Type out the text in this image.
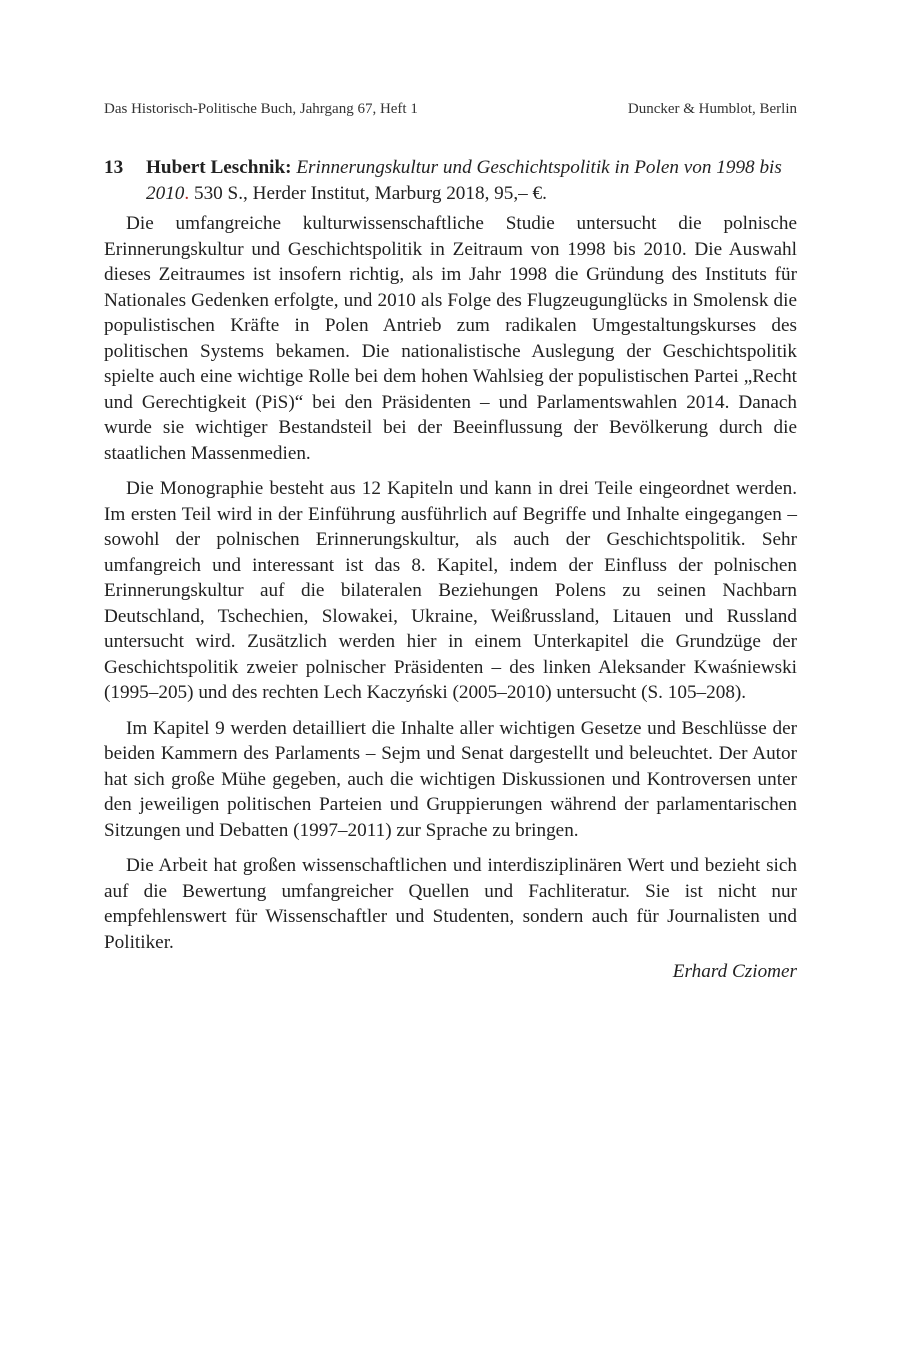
Das Historisch-Politische Buch, Jahrgang 67, Heft 1	Duncker & Humblot, Berlin
13 Hubert Leschnik: Erinnerungskultur und Geschichtspolitik in Polen von 1998 bis 2010. 530 S., Herder Institut, Marburg 2018, 95,– €.

Die umfangreiche kulturwissenschaftliche Studie untersucht die polnische Erinnerungskultur und Geschichtspolitik in Zeitraum von 1998 bis 2010. Die Auswahl dieses Zeitraumes ist insofern richtig, als im Jahr 1998 die Gründung des Instituts für Nationales Gedenken erfolgte, und 2010 als Folge des Flugzeugunglücks in Smolensk die populistischen Kräfte in Polen Antrieb zum radikalen Umgestaltungskurses des politischen Systems bekamen. Die nationalistische Auslegung der Geschichtspolitik spielte auch eine wichtige Rolle bei dem hohen Wahlsieg der populistischen Partei „Recht und Gerechtigkeit (PiS)“ bei den Präsidenten – und Parlamentswahlen 2014. Danach wurde sie wichtiger Bestandsteil bei der Beeinflussung der Bevölkerung durch die staatlichen Massenmedien.

Die Monographie besteht aus 12 Kapiteln und kann in drei Teile eingeordnet werden. Im ersten Teil wird in der Einführung ausführlich auf Begriffe und Inhalte eingegangen – sowohl der polnischen Erinnerungskultur, als auch der Geschichtspolitik. Sehr umfangreich und interessant ist das 8. Kapitel, indem der Einfluss der polnischen Erinnerungskultur auf die bilateralen Beziehungen Polens zu seinen Nachbarn Deutschland, Tschechien, Slowakei, Ukraine, Weißrussland, Litauen und Russland untersucht wird. Zusätzlich werden hier in einem Unterkapitel die Grundzüge der Geschichtspolitik zweier polnischer Präsidenten – des linken Aleksander Kwaśniewski (1995–205) und des rechten Lech Kaczyński (2005–2010) untersucht (S. 105–208).

Im Kapitel 9 werden detailliert die Inhalte aller wichtigen Gesetze und Beschlüsse der beiden Kammern des Parlaments – Sejm und Senat dargestellt und beleuchtet. Der Autor hat sich große Mühe gegeben, auch die wichtigen Diskussionen und Kontroversen unter den jeweiligen politischen Parteien und Gruppierungen während der parlamentarischen Sitzungen und Debatten (1997–2011) zur Sprache zu bringen.

Die Arbeit hat großen wissenschaftlichen und interdisziplinären Wert und bezieht sich auf die Bewertung umfangreicher Quellen und Fachliteratur. Sie ist nicht nur empfehlenswert für Wissenschaftler und Studenten, sondern auch für Journalisten und Politiker.

Erhard Cziomer
